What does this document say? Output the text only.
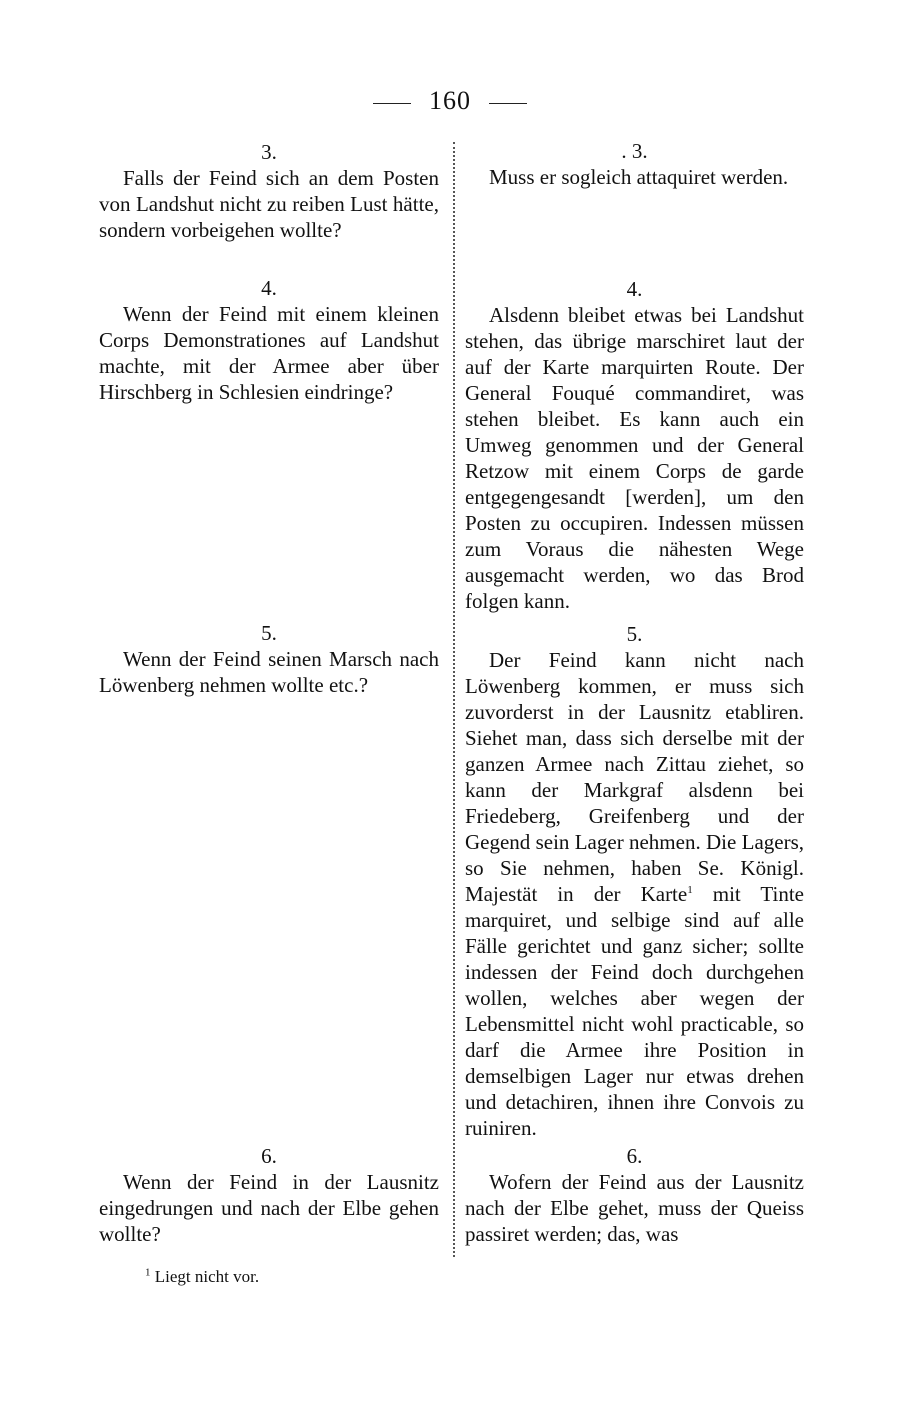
160
3.
Falls der Feind sich an dem Posten von Landshut nicht zu reiben Lust hätte, sondern vorbeigehen wollte?
4.
Wenn der Feind mit einem kleinen Corps Demonstrationes auf Landshut machte, mit der Armee aber über Hirschberg in Schlesien eindringe?
5.
Wenn der Feind seinen Marsch nach Löwenberg nehmen wollte etc.?
6.
Wenn der Feind in der Lausnitz eingedrungen und nach der Elbe gehen wollte?
. 3.
Muss er sogleich attaquiret werden.
4.
Alsdenn bleibet etwas bei Landshut stehen, das übrige marschiret laut der auf der Karte marquirten Route. Der General Fouqué commandiret, was stehen bleibet. Es kann auch ein Umweg genommen und der General Retzow mit einem Corps de garde entgegengesandt [werden], um den Posten zu occupiren. Indessen müssen zum Voraus die nähesten Wege ausgemacht werden, wo das Brod folgen kann.
5.
Der Feind kann nicht nach Löwenberg kommen, er muss sich zuvorderst in der Lausnitz etabliren. Siehet man, dass sich derselbe mit der ganzen Armee nach Zittau ziehet, so kann der Markgraf alsdenn bei Friedeberg, Greifenberg und der Gegend sein Lager nehmen. Die Lagers, so Sie nehmen, haben Se. Königl. Majestät in der Karte$^1$ mit Tinte marquiret, und selbige sind auf alle Fälle gerichtet und ganz sicher; sollte indessen der Feind doch durchgehen wollen, welches aber wegen der Lebensmittel nicht wohl practicable, so darf die Armee ihre Position in demselbigen Lager nur etwas drehen und detachiren, ihnen ihre Convois zu ruiniren.
6.
Wofern der Feind aus der Lausnitz nach der Elbe gehet, muss der Queiss passiret werden; das, was
$^1$ Liegt nicht vor.
